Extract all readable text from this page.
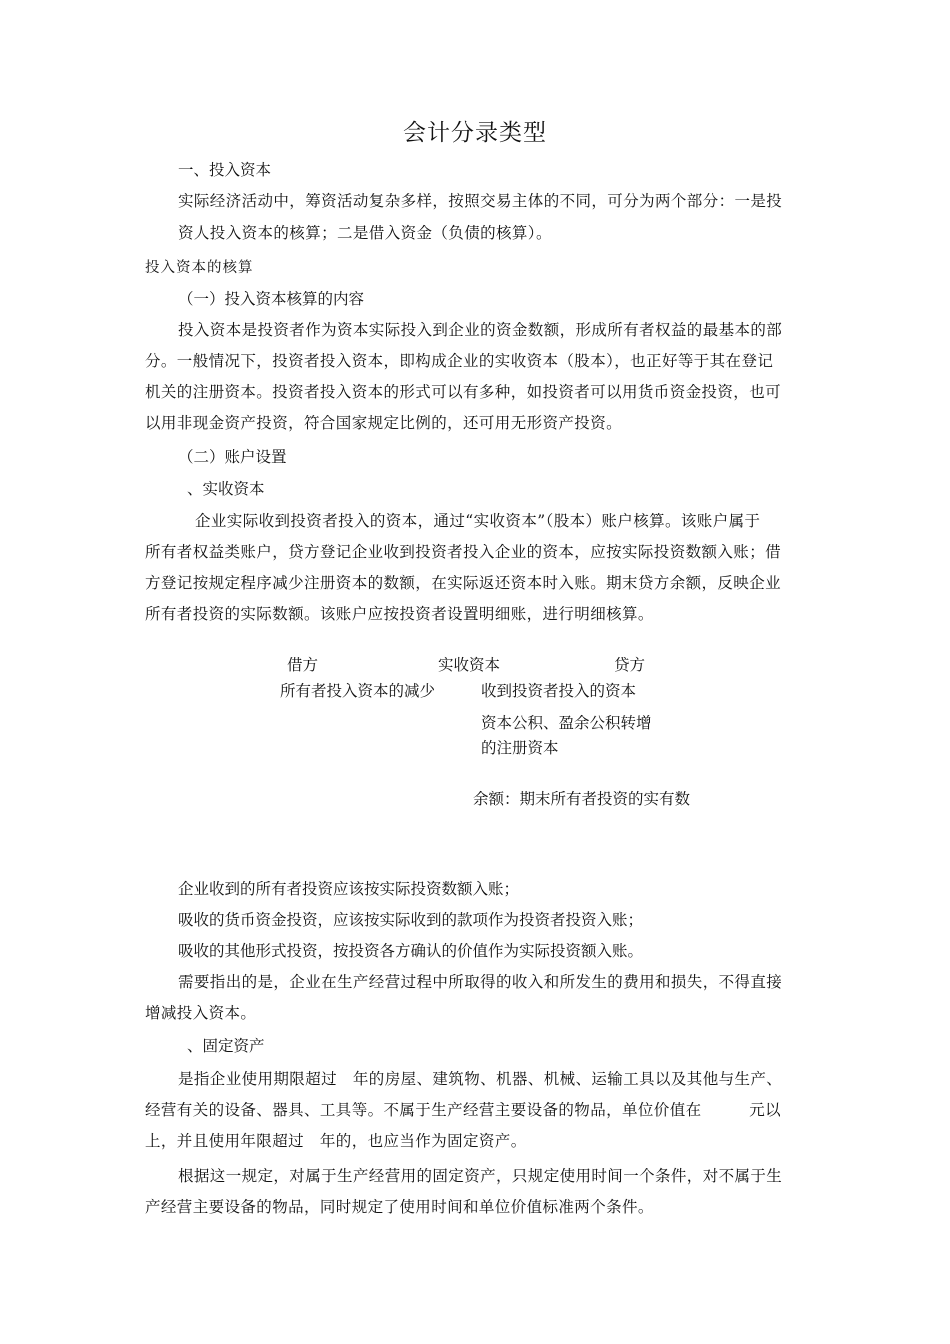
会计分录类型
一、投入资本
实际经济活动中，筹资活动复杂多样，按照交易主体的不同，可分为两个部分：一是投
资人投入资本的核算；二是借入资金（负债的核算）。
投入资本的核算
（一）投入资本核算的内容
投入资本是投资者作为资本实际投入到企业的资金数额，形成所有者权益的最基本的部
分。一般情况下，投资者投入资本，即构成企业的实收资本（股本），也正好等于其在登记
机关的注册资本。投资者投入资本的形式可以有多种，如投资者可以用货币资金投资，也可
以用非现金资产投资，符合国家规定比例的，还可用无形资产投资。
（二）账户设置
、实收资本
企业实际收到投资者投入的资本，通过“实收资本”（股本）账户核算。该账户属于
所有者权益类账户，贷方登记企业收到投资者投入企业的资本，应按实际投资数额入账；借
方登记按规定程序减少注册资本的数额，在实际返还资本时入账。期末贷方余额，反映企业
所有者投资的实际数额。该账户应按投资者设置明细账，进行明细核算。
借方	实收资本	贷方
所有者投入资本的减少	收到投资者投入的资本
资本公积、盈余公积转增
的注册资本
余额：期末所有者投资的实有数
企业收到的所有者投资应该按实际投资数额入账；
吸收的货币资金投资，应该按实际收到的款项作为投资者投资入账；
吸收的其他形式投资，按投资各方确认的价值作为实际投资额入账。
需要指出的是，企业在生产经营过程中所取得的收入和所发生的费用和损失，不得直接
增减投入资本。
、固定资产
是指企业使用期限超过　年的房屋、建筑物、机器、机械、运输工具以及其他与生产、
经营有关的设备、器具、工具等。不属于生产经营主要设备的物品，单位价值在　　　元以
上，并且使用年限超过　年的，也应当作为固定资产。
根据这一规定，对属于生产经营用的固定资产，只规定使用时间一个条件，对不属于生
产经营主要设备的物品，同时规定了使用时间和单位价值标准两个条件。
